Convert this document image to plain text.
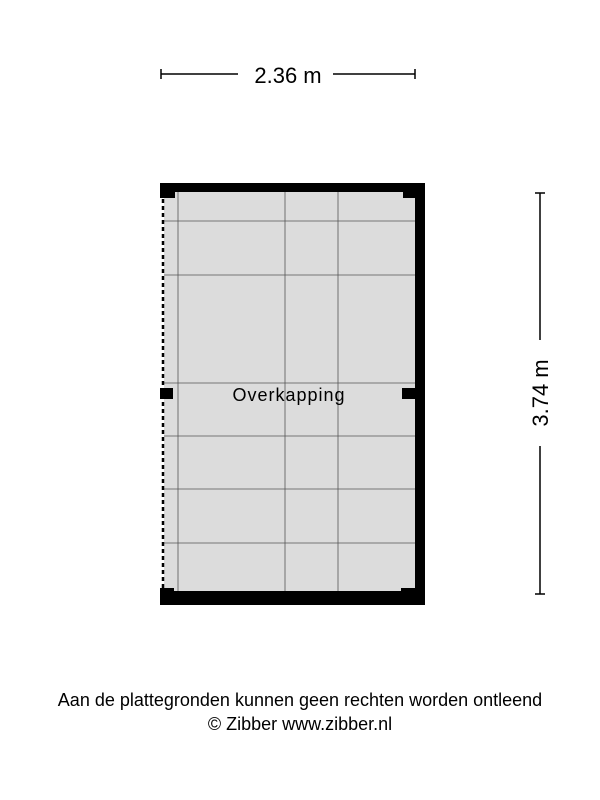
2.36 m
3.74 m
Overkapping
Aan de plattegronden kunnen geen rechten worden ontleend
© Zibber www.zibber.nl
